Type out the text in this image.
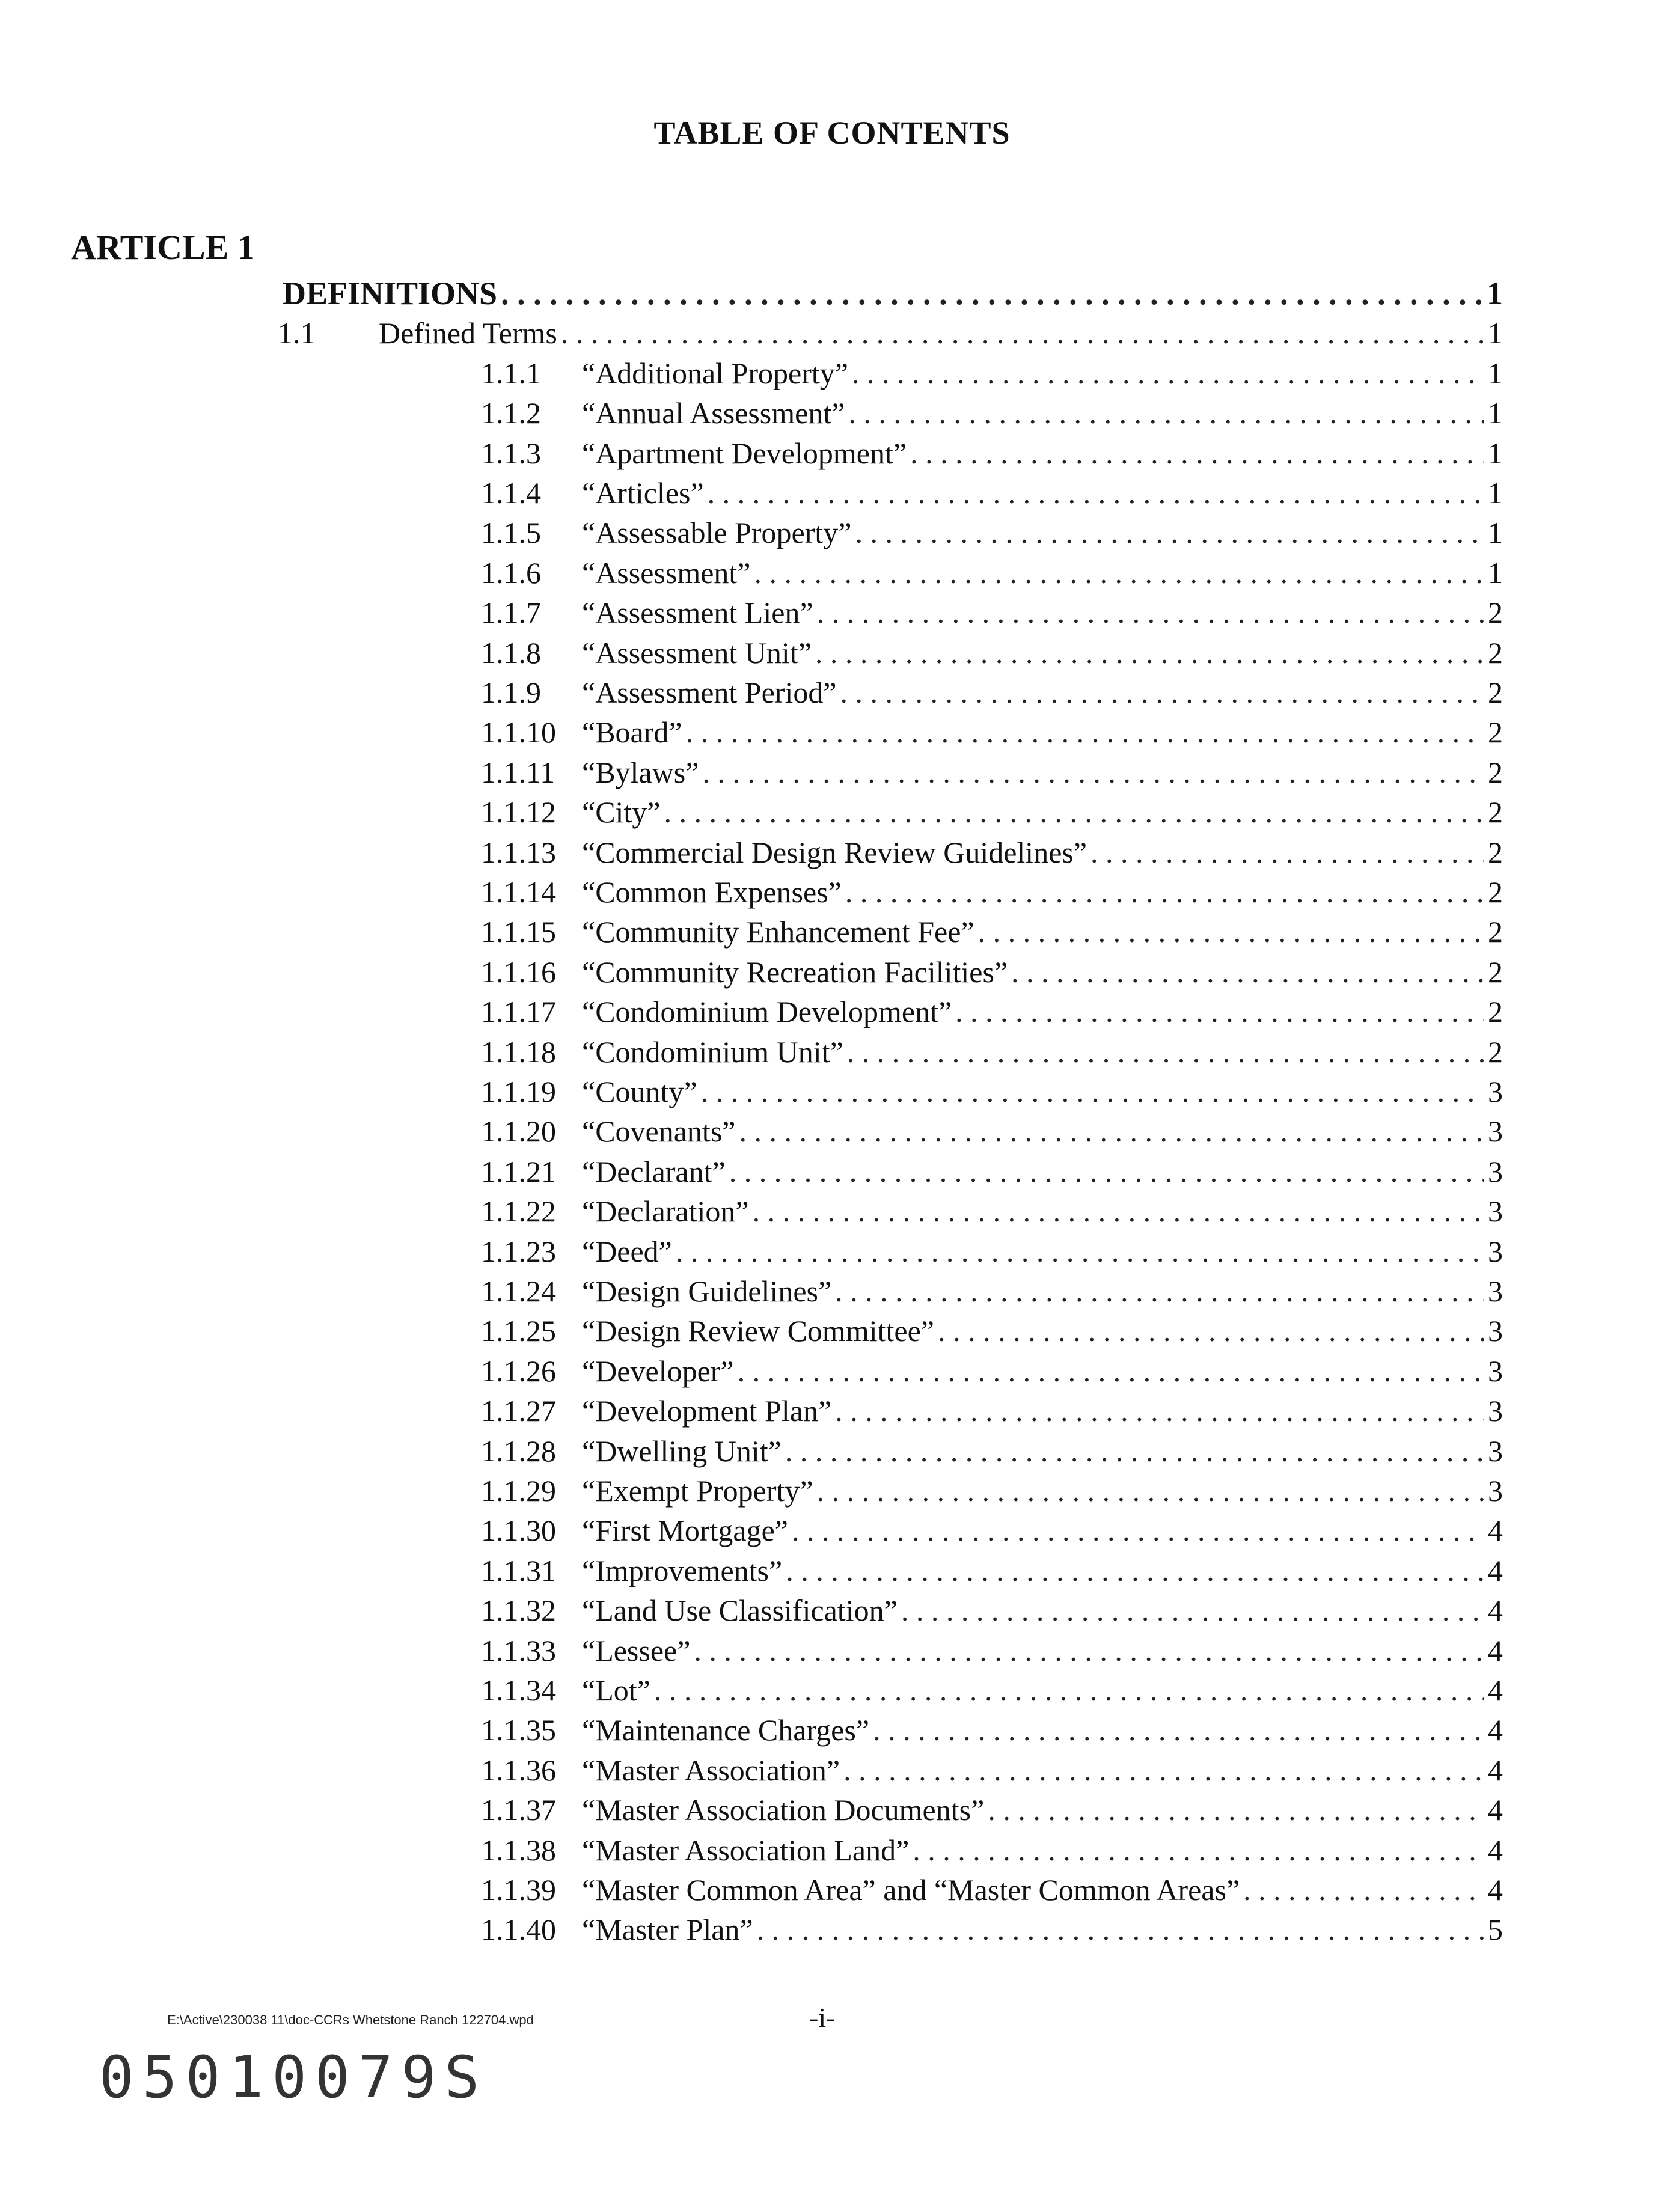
TABLE OF CONTENTS
ARTICLE 1
DEFINITIONS . . .	1
1.1	Defined Terms . . .	1
1.1.1	“Additional Property” . . .	1
1.1.2	“Annual Assessment” . . .	1
1.1.3	“Apartment Development” . . .	1
1.1.4	“Articles” . . .	1
1.1.5	“Assessable Property” . . .	1
1.1.6	“Assessment” . . .	1
1.1.7	“Assessment Lien” . . .	2
1.1.8	“Assessment Unit” . . .	2
1.1.9	“Assessment Period” . . .	2
1.1.10 “Board” . . .	2
1.1.11 “Bylaws” . . .	2
1.1.12 “City” . . .	2
1.1.13 “Commercial Design Review Guidelines” . . .	2
1.1.14 “Common Expenses” . . .	2
1.1.15 “Community Enhancement Fee” . . .	2
1.1.16 “Community Recreation Facilities” . . .	2
1.1.17 “Condominium Development” . . .	2
1.1.18 “Condominium Unit” . . .	2
1.1.19 “County” . . .	3
1.1.20 “Covenants” . . .	3
1.1.21 “Declarant” . . .	3
1.1.22 “Declaration” . . .	3
1.1.23 “Deed” . . .	3
1.1.24 “Design Guidelines” . . .	3
1.1.25 “Design Review Committee” . . .	3
1.1.26 “Developer” . . .	3
1.1.27 “Development Plan” . . .	3
1.1.28 “Dwelling Unit” . . .	3
1.1.29 “Exempt Property” . . .	3
1.1.30 “First Mortgage” . . .	4
1.1.31 “Improvements” . . .	4
1.1.32 “Land Use Classification” . . .	4
1.1.33 “Lessee” . . .	4
1.1.34 “Lot” . . .	4
1.1.35 “Maintenance Charges” . . .	4
1.1.36 “Master Association” . . .	4
1.1.37 “Master Association Documents” . . .	4
1.1.38 “Master Association Land” . . .	4
1.1.39 “Master Common Area” and “Master Common Areas” . . .	4
1.1.40 “Master Plan” . . .	5
E:\Active\230038 11\doc-CCRs Whetstone Ranch 122704.wpd	-i-
05010079S
